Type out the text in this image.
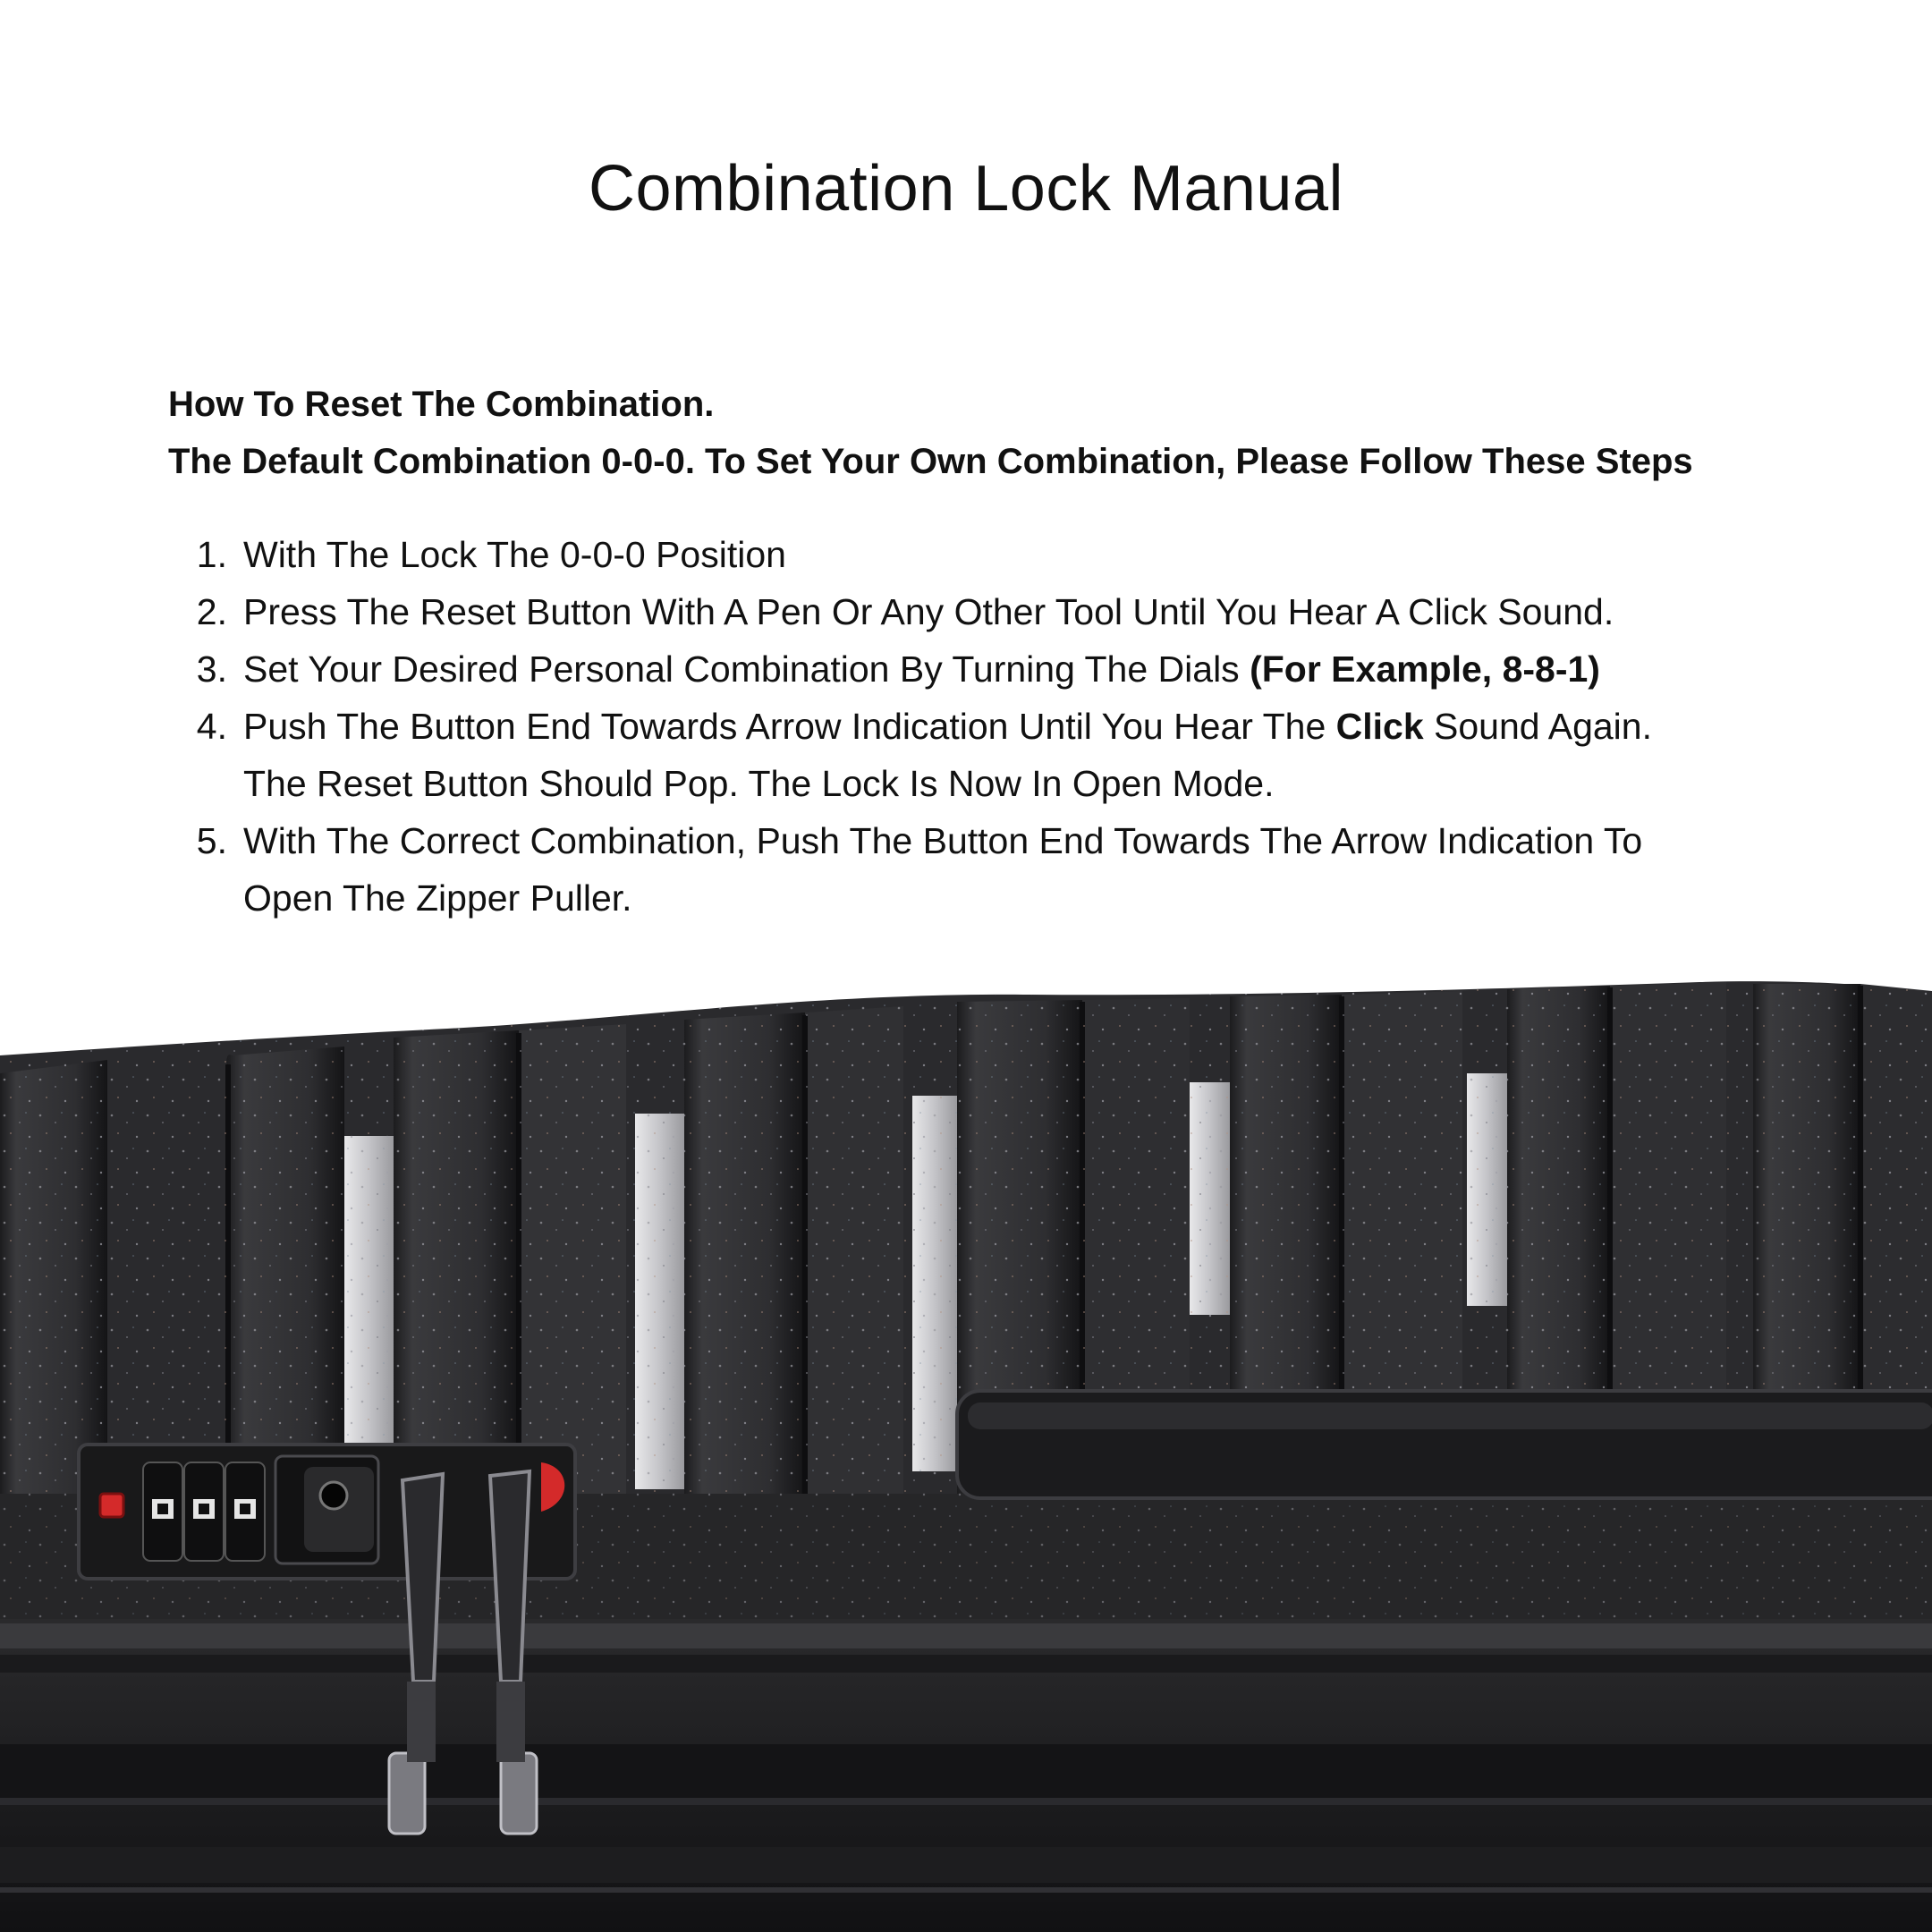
Combination Lock Manual
How To Reset The Combination.
The Default Combination 0-0-0. To Set Your Own Combination, Please Follow These Steps
1. With The Lock The 0-0-0 Position
2. Press The Reset Button With A Pen Or Any Other Tool Until You Hear A Click Sound.
3. Set Your Desired Personal Combination By Turning The Dials (For Example, 8-8-1)
4. Push The Button End Towards Arrow Indication Until You Hear The Click Sound Again.
The Reset Button Should Pop. The Lock Is Now In Open Mode.
5. With The Correct Combination, Push The Button End Towards The Arrow Indication To
Open The Zipper Puller.
